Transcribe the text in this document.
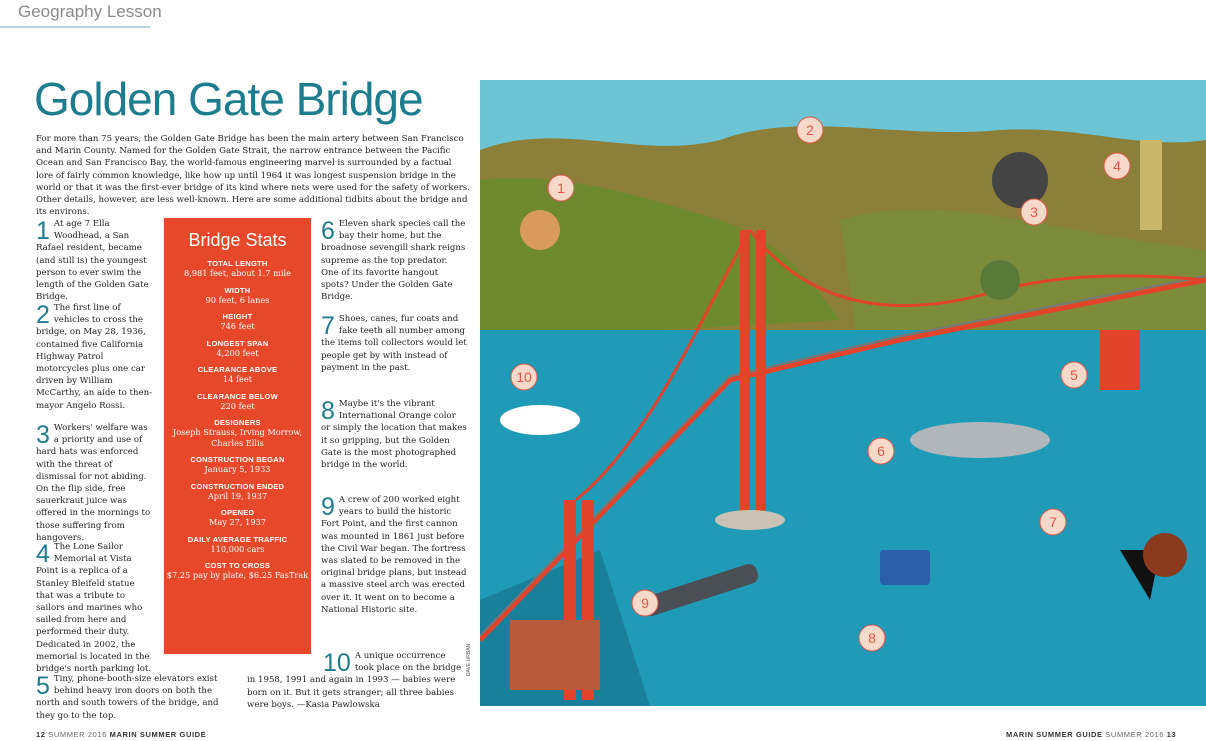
Geography Lesson
Golden Gate Bridge

For more than 75 years, the Golden Gate Bridge has been the main artery between San Francisco and Marin County. Named for the Golden Gate Strait, the narrow entrance between the Pacific Ocean and San Francisco Bay, the world-famous engineering marvel is surrounded by a factual lore of fairly common knowledge, like how up until 1964 it was longest suspension bridge in the world or that it was the first-ever bridge of its kind where nets were used for the safety of workers. Other details, however, are less well-known. Here are some additional tidbits about the bridge and its environs.

1 At age 7 Ella Woodhead, a San Rafael resident, became (and still is) the youngest person to ever swim the length of the Golden Gate Bridge.
2 The first line of vehicles to cross the bridge, on May 28, 1936, contained five California Highway Patrol motorcycles plus one car driven by William McCarthy, an aide to then-mayor Angelo Rossi.
3 Workers' welfare was a priority and use of hard hats was enforced with the threat of dismissal for not abiding. On the flip side, free sauerkraut juice was offered in the mornings to those suffering from hangovers.
4 The Lone Sailor Memorial at Vista Point is a replica of a Stanley Bleifeld statue that was a tribute to sailors and marines who sailed from here and performed their duty. Dedicated in 2002, the memorial is located in the bridge's north parking lot.
5 Tiny, phone-booth-size elevators exist behind heavy iron doors on both the north and south towers of the bridge, and they go to the top.
Bridge Stats
TOTAL LENGTH
8,981 feet, about 1.7 mile
WIDTH
90 feet, 6 lanes
HEIGHT
746 feet
LONGEST SPAN
4,200 feet
CLEARANCE ABOVE
14 feet
CLEARANCE BELOW
220 feet
DESIGNERS
Joseph Strauss, Irving Morrow, Charles Ellis
CONSTRUCTION BEGAN
January 5, 1933
CONSTRUCTION ENDED
April 19, 1937
OPENED
May 27, 1937
DAILY AVERAGE TRAFFIC
110,000 cars
COST TO CROSS
$7.25 pay by plate, $6.25 FasTrak
6 Eleven shark species call the bay their home, but the broadnose sevengill shark reigns supreme as the top predator. One of its favorite hangout spots? Under the Golden Gate Bridge.
7 Shoes, canes, fur coats and fake teeth all number among the items toll collectors would let people get by with instead of payment in the past.
8 Maybe it's the vibrant International Orange color or simply the location that makes it so gripping, but the Golden Gate is the most photographed bridge in the world.
9 A crew of 200 worked eight years to build the historic Fort Point, and the first cannon was mounted in 1861 just before the Civil War began. The fortress was slated to be removed in the original bridge plans, but instead a massive steel arch was erected over it. It went on to become a National Historic site.
10 A unique occurrence took place on the bridge in 1958, 1991 and again in 1993 — babies were born on it. But it gets stranger; all three babies were boys. —Kasia Pawlowska
DAVE URBAN
1
2
3
4
5
6
7
8
9
10
12 SUMMER 2016 MARIN SUMMER GUIDE	MARIN SUMMER GUIDE SUMMER 2016 13
